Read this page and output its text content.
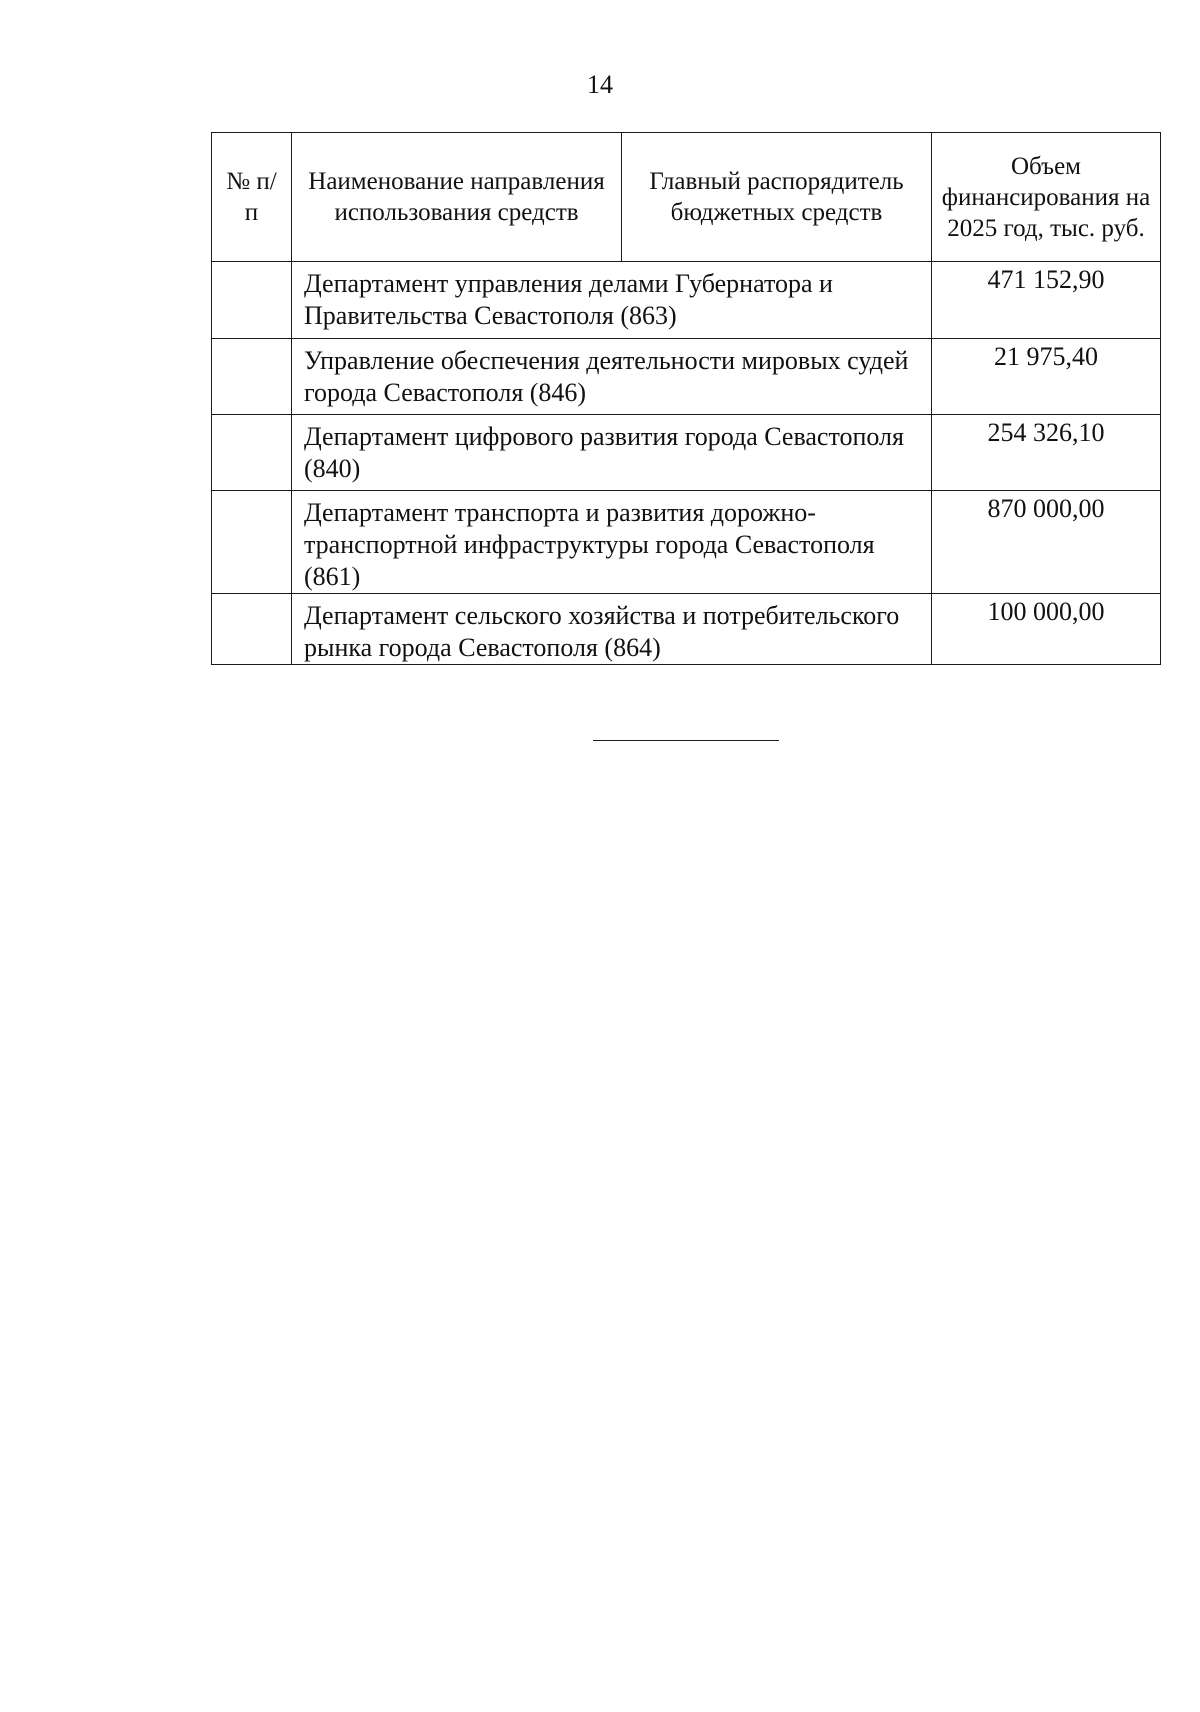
14
№ п/п	Наименование направления использования средств	Главный распорядитель бюджетных средств	Объем финансирования на 2025 год, тыс. руб.
	Департамент управления делами Губернатора и Правительства Севастополя (863)		471 152,90
	Управление обеспечения деятельности мировых судей города Севастополя (846)		21 975,40
	Департамент цифрового развития города Севастополя (840)		254 326,10
	Департамент транспорта и развития дорожно-транспортной инфраструктуры города Севастополя (861)		870 000,00
	Департамент сельского хозяйства и потребительского рынка города Севастополя (864)		100 000,00
